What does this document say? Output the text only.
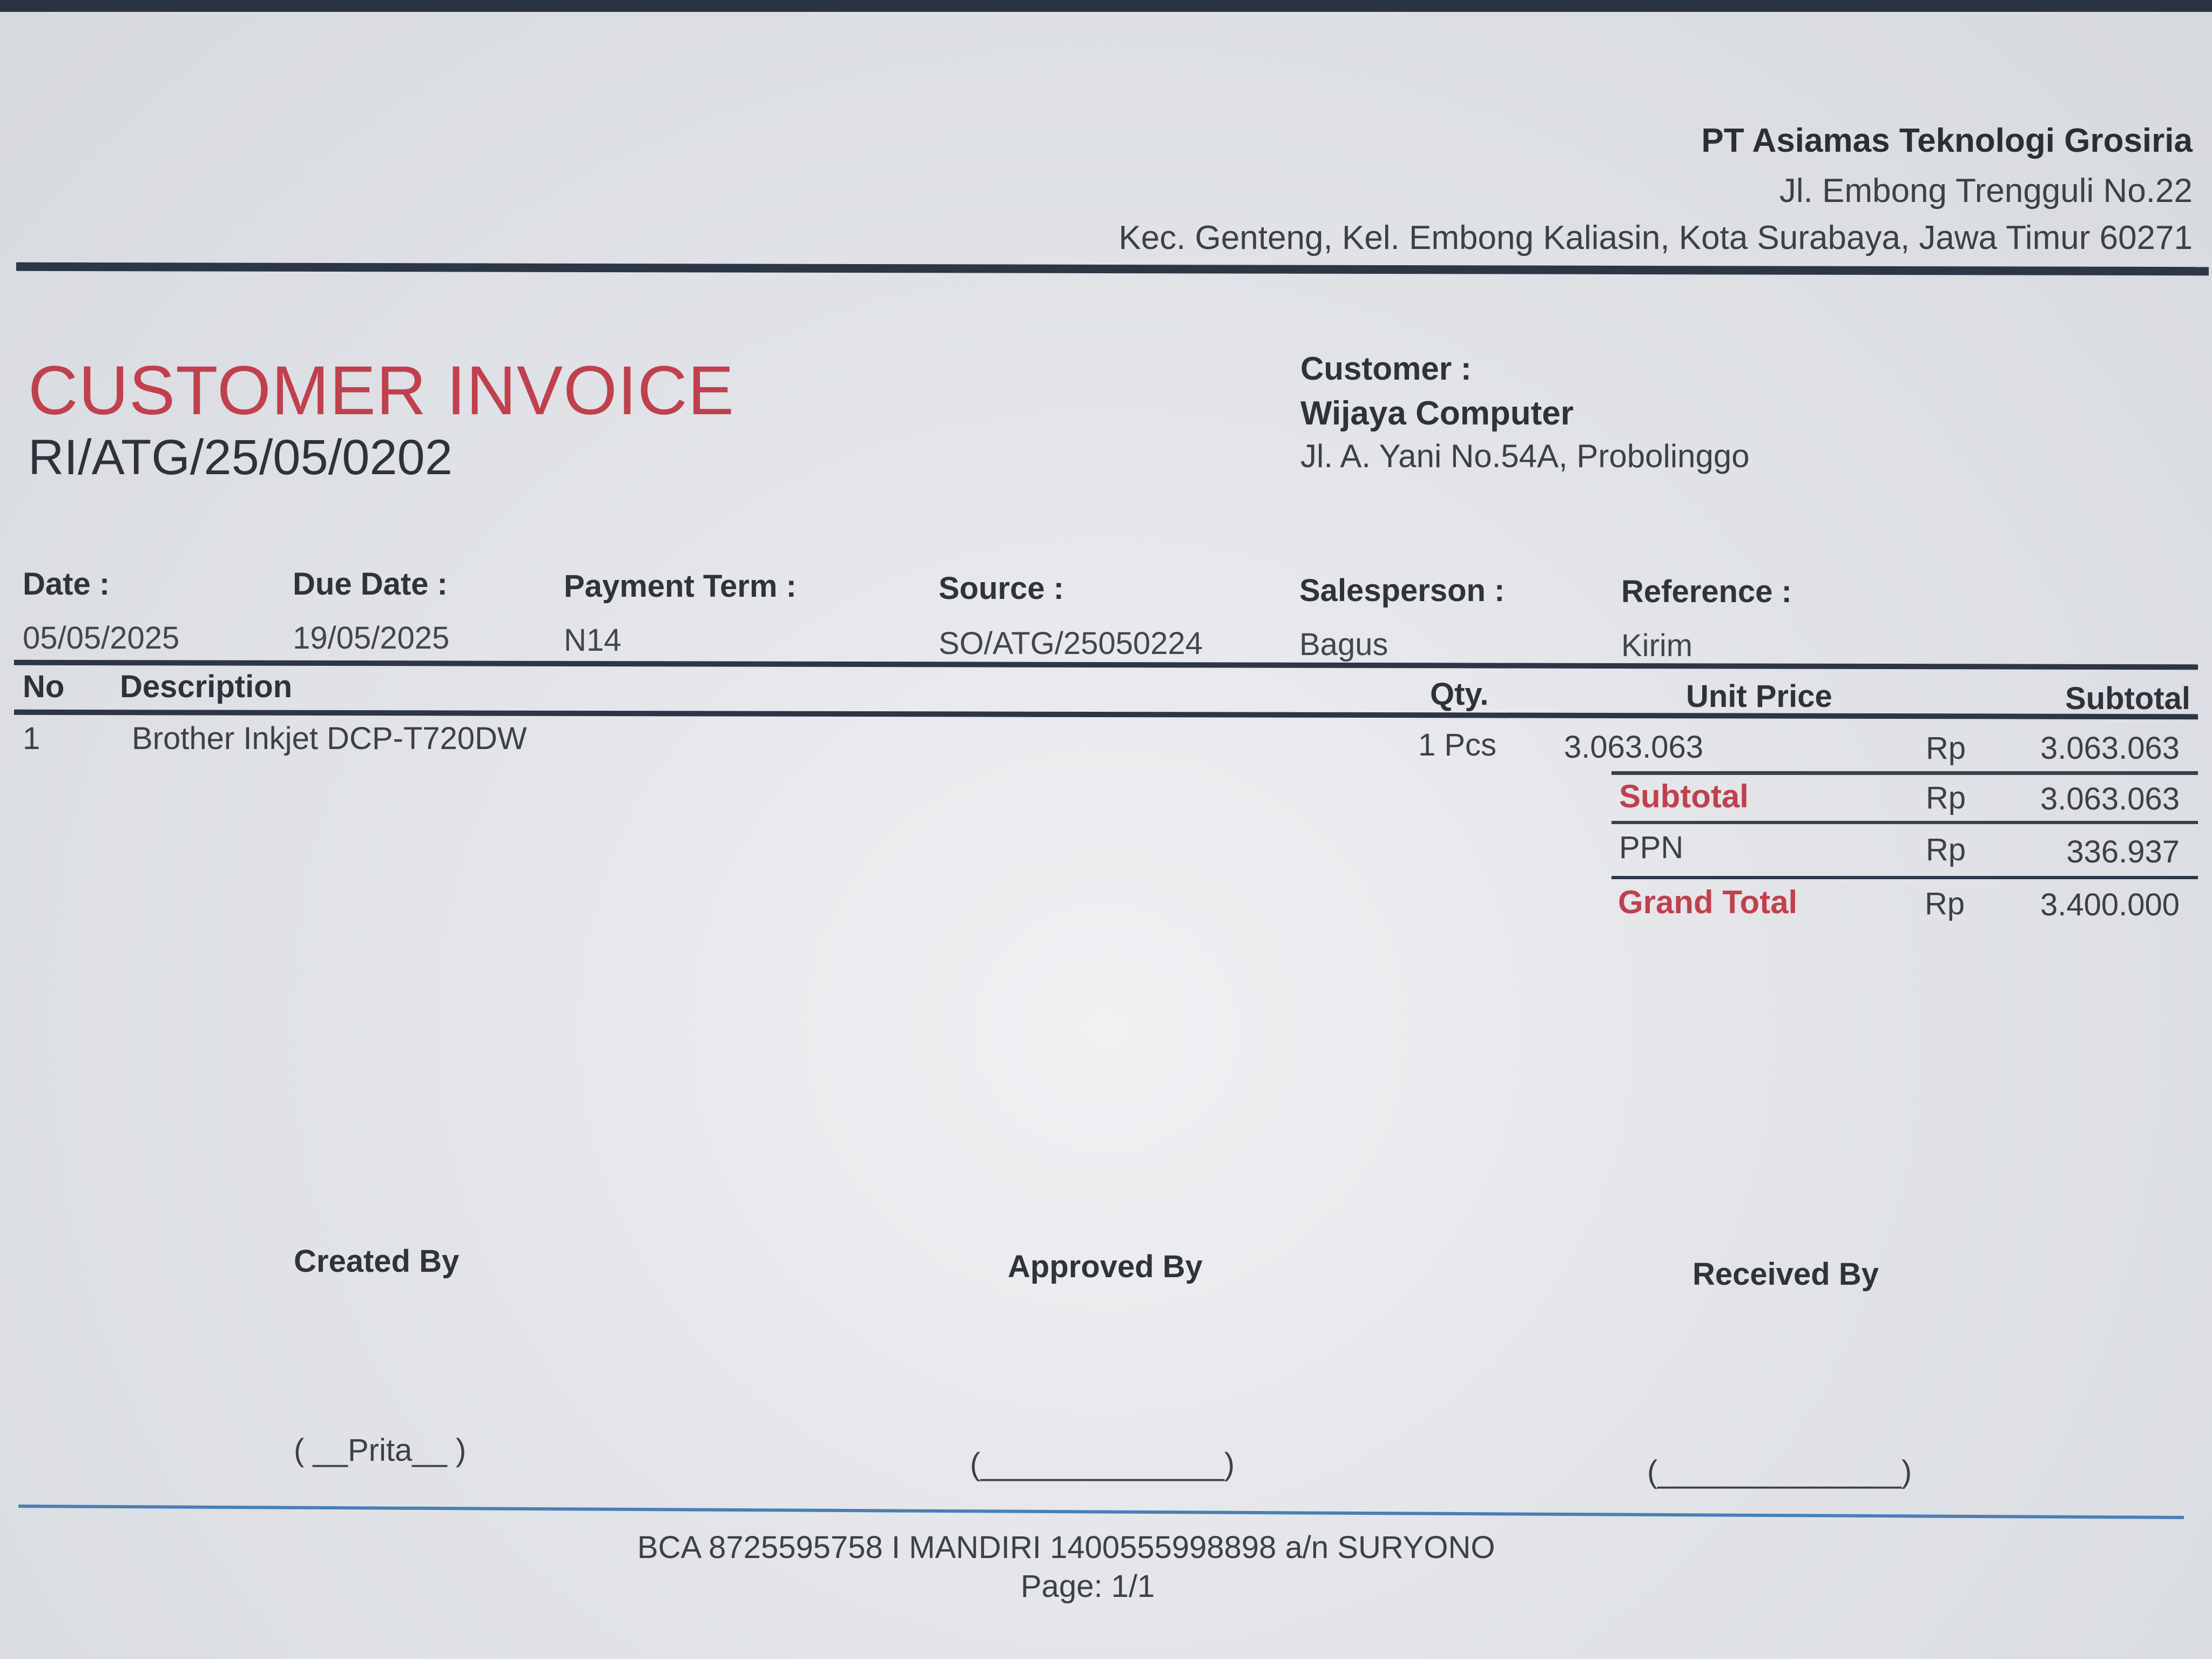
PT Asiamas Teknologi Grosiria
Jl. Embong Trengguli No.22
Kec. Genteng, Kel. Embong Kaliasin, Kota Surabaya, Jawa Timur 60271
CUSTOMER INVOICE
RI/ATG/25/05/0202
Customer :
Wijaya Computer
Jl. A. Yani No.54A, Probolinggo
Date :
05/05/2025
Due Date :
19/05/2025
Payment Term :
N14
Source :
SO/ATG/25050224
Salesperson :
Bagus
Reference :
Kirim
No Description	Qty.	Unit Price	Subtotal
1	Brother Inkjet DCP-T720DW	1 Pcs 3.063.063	Rp 3.063.063
Subtotal	Rp 3.063.063
PPN	Rp	336.937
Grand Total	Rp 3.400.000
Created By
( __Prita__ )
Approved By
(______________)
Received By
(______________)
BCA 8725595758 I MANDIRI 1400555998898 a/n SURYONO
Page: 1/1
